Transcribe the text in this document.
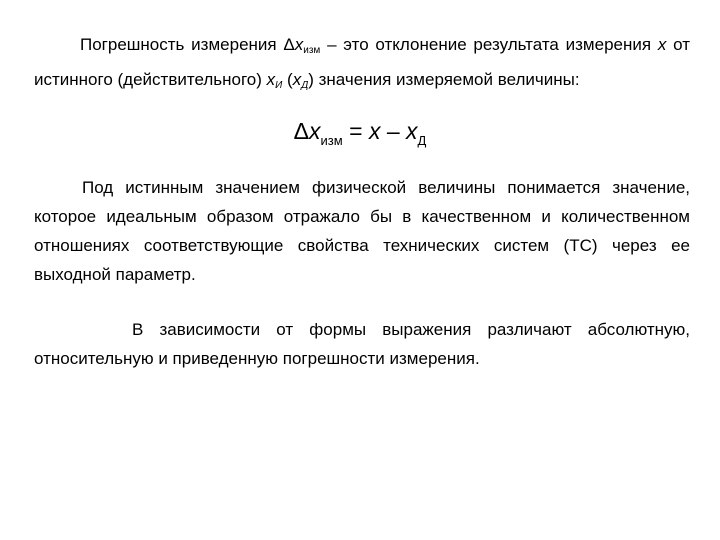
Погрешность измерения $\Delta x_{изм}$ – это отклонение результата измерения x от истинного (действительного) $x_И$ $(x_Д)$ значения измеряемой величины:

$\Delta x_{изм} = x - x_Д$

Под истинным значением физической величины понимается значение, которое идеальным образом отражало бы в качественном и количественном отношениях соответствующие свойства технических систем (ТС) через ее выходной параметр.

В зависимости от формы выражения различают абсолютную, относительную и приведенную погрешности измерения.
